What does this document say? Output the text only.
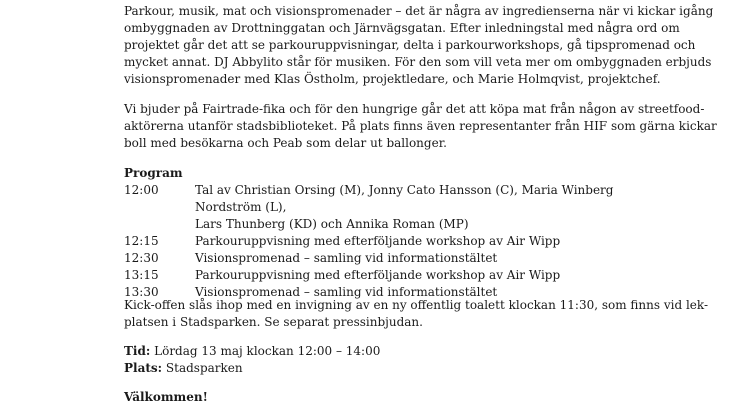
Parkour, musik, mat och visionspromenader – det är några av ingredienserna när vi kickar igång
ombyggnaden av Drottninggatan och Järnvägsgatan. Efter inledningstal med några ord om
projektet går det att se parkouruppvisningar, delta i parkourworkshops, gå tipspromenad och
mycket annat. DJ Abbylito står för musiken. För den som vill veta mer om ombyggnaden erbjuds
visionspromenader med Klas Östholm, projektledare, och Marie Holmqvist, projektchef.

Vi bjuder på Fairtrade-fika och för den hungrige går det att köpa mat från någon av streetfood-
aktörerna utanför stadsbiblioteket. På plats finns även representanter från HIF som gärna kickar
boll med besökarna och Peab som delar ut ballonger.

Program

12:00	Tal av Christian Orsing (M), Jonny Cato Hansson (C), Maria Winberg Nordström (L),
Lars Thunberg (KD) och Annika Roman (MP)
12:15	Parkouruppvisning med efterföljande workshop av Air Wipp
12:30	Visionspromenad – samling vid informationstältet
13:15	Parkouruppvisning med efterföljande workshop av Air Wipp
13:30	Visionspromenad – samling vid informationstältet

Kick-offen slås ihop med en invigning av en ny offentlig toalett klockan 11:30, som finns vid lek-
platsen i Stadsparken. Se separat pressinbjudan.

Tid: Lördag 13 maj klockan 12:00 – 14:00

Plats: Stadsparken

Välkommen!
